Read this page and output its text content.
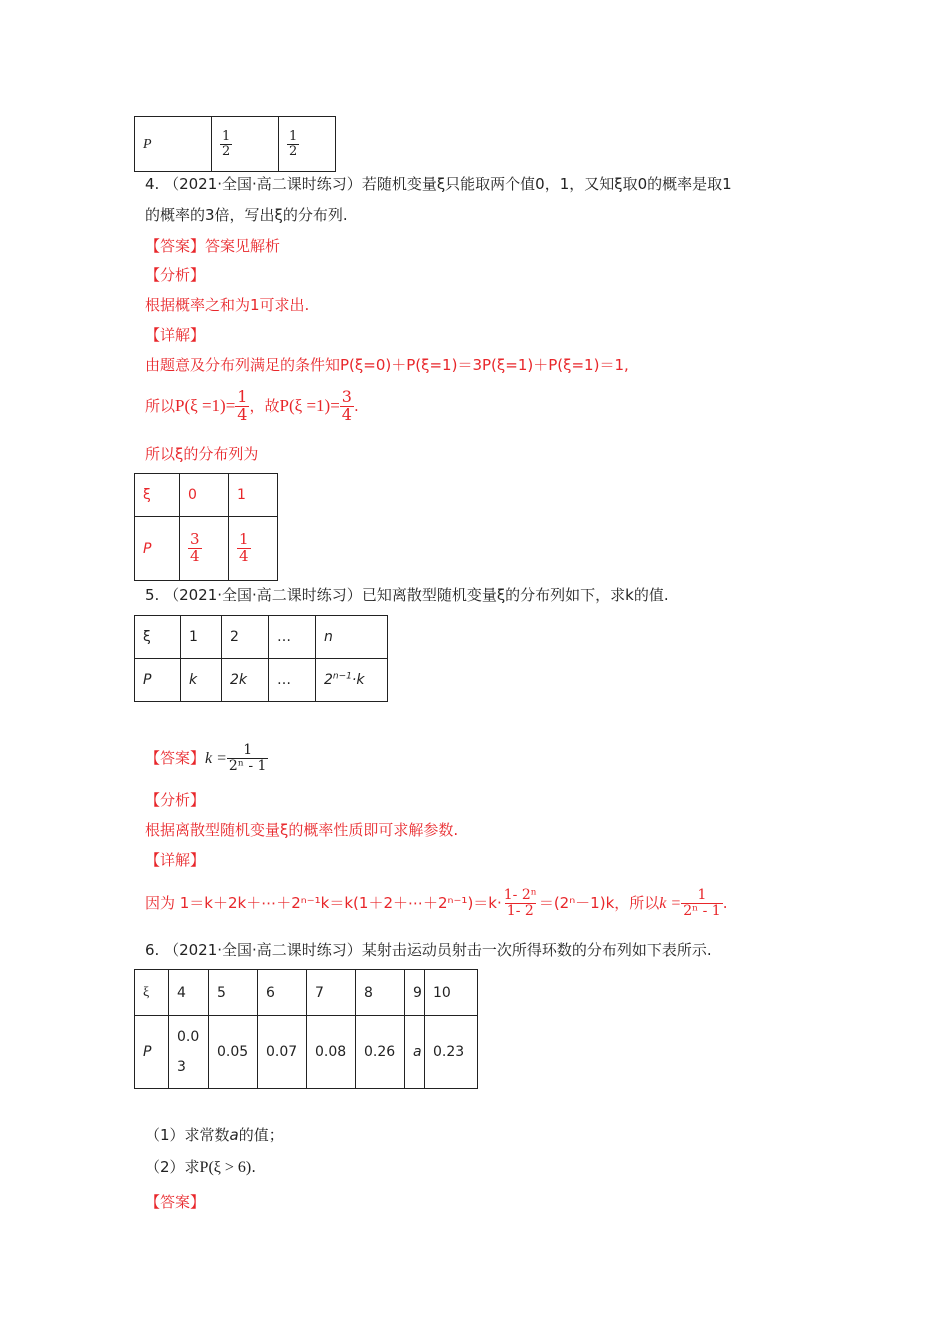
P	$\frac{1}{2}$	$\frac{1}{2}$
4. （2021·全国·高二课时练习）若随机变量ξ只能取两个值0，1，又知ξ取0的概率是取1
的概率的3倍，写出ξ的分布列.
【答案】答案见解析
【分析】
根据概率之和为1可求出.
【详解】
由题意及分布列满足的条件知P(ξ=0)＋P(ξ=1)＝3P(ξ=1)＋P(ξ=1)＝1,
所以$P(\xi =1)= \frac{1}{4}$ ，故$P(\xi =1)= \frac{3}{4}$ .
所以ξ的分布列为
ξ	0	1
P	$\frac{3}{4}$	$\frac{1}{4}$
5. （2021·全国·高二课时练习）已知离散型随机变量ξ的分布列如下，求k的值.
ξ	1	2	…	n
P	k	2k	…	$2^{n-1}\cdot k$
【答案】$k = \frac{1}{\text{2ⁿ - 1}}$
【分析】
根据离散型随机变量ξ的概率性质即可求解参数.
【详解】
因为 1＝k＋2k＋⋯＋2ⁿ⁻¹k＝k(1＋2＋⋯＋2ⁿ⁻¹)＝k· $\frac{\text{1- 2ⁿ}}{1- 2} =(2^n-1)k$，所以$k = \frac{1}{\text{2ⁿ - 1}}$ .
6. （2021·全国·高二课时练习）某射击运动员射击一次所得环数的分布列如下表所示.
ξ	4	5	6	7	8	9	10
P	0.03	0.05	0.07	0.08	0.26	a	0.23
（1）求常数a的值；
（2）求P(ξ > 6).
【答案】
